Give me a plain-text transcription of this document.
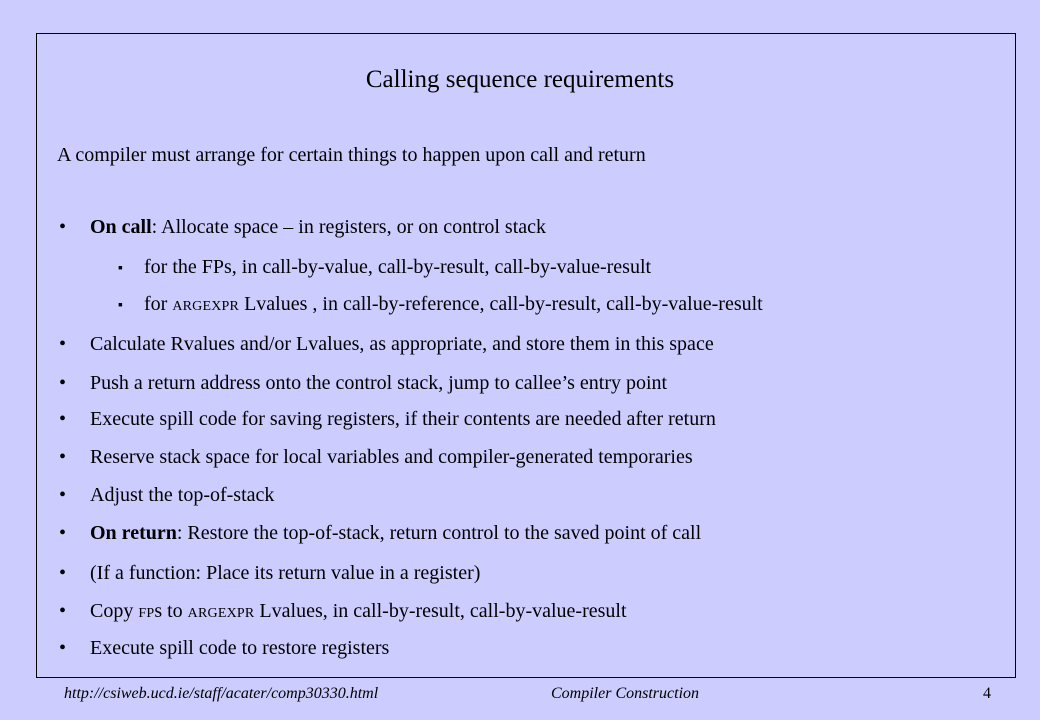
Calling sequence requirements

A compiler must arrange for certain things to happen upon call and return

• On call: Allocate space – in registers, or on control stack
▪ for the FPs, in call-by-value, call-by-result, call-by-value-result
▪ for ARGEXPR Lvalues , in call-by-reference, call-by-result, call-by-value-result
• Calculate Rvalues and/or Lvalues, as appropriate, and store them in this space
• Push a return address onto the control stack, jump to callee’s entry point
• Execute spill code for saving registers, if their contents are needed after return
• Reserve stack space for local variables and compiler-generated temporaries
• Adjust the top-of-stack
• On return: Restore the top-of-stack, return control to the saved point of call
• (If a function: Place its return value in a register)
• Copy FPs to ARGEXPR Lvalues, in call-by-result, call-by-value-result
• Execute spill code to restore registers
http://csiweb.ucd.ie/staff/acater/comp30330.html	Compiler Construction	4
